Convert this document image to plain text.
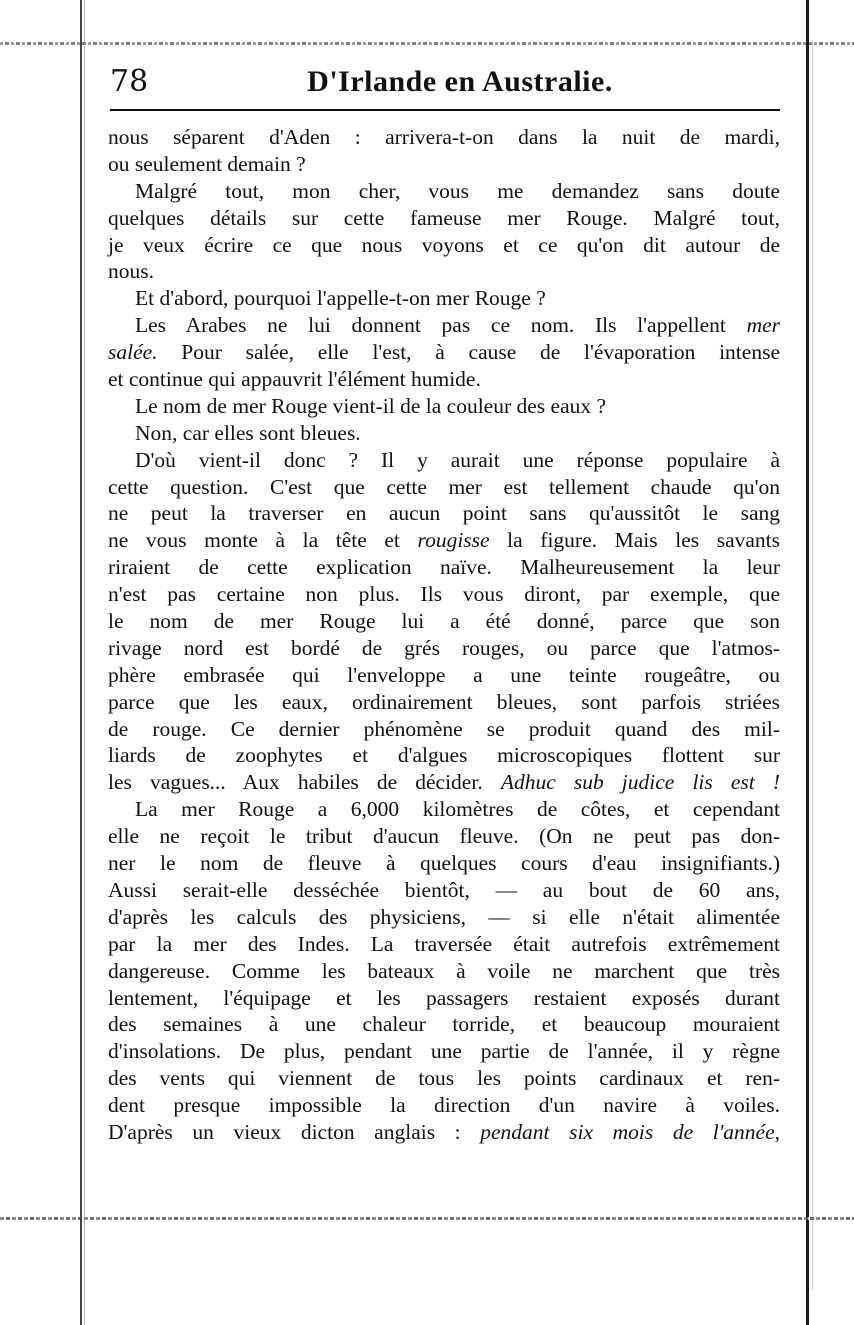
78	D'Irlande en Australie.
nous séparent d'Aden : arrivera-t-on dans la nuit de mardi,
ou seulement demain ?
Malgré tout, mon cher, vous me demandez sans doute
quelques détails sur cette fameuse mer Rouge. Malgré tout,
je veux écrire ce que nous voyons et ce qu'on dit autour de
nous.
Et d'abord, pourquoi l'appelle-t-on mer Rouge ?
Les Arabes ne lui donnent pas ce nom. Ils l'appellent mer
salée. Pour salée, elle l'est, à cause de l'évaporation intense
et continue qui appauvrit l'élément humide.
Le nom de mer Rouge vient-il de la couleur des eaux ?
Non, car elles sont bleues.
D'où vient-il donc ? Il y aurait une réponse populaire à
cette question. C'est que cette mer est tellement chaude qu'on
ne peut la traverser en aucun point sans qu'aussitôt le sang
ne vous monte à la tête et rougisse la figure. Mais les savants
riraient de cette explication naïve. Malheureusement la leur
n'est pas certaine non plus. Ils vous diront, par exemple, que
le nom de mer Rouge lui a été donné, parce que son
rivage nord est bordé de grés rouges, ou parce que l'atmos-
phère embrasée qui l'enveloppe a une teinte rougeâtre, ou
parce que les eaux, ordinairement bleues, sont parfois striées
de rouge. Ce dernier phénomène se produit quand des mil-
liards de zoophytes et d'algues microscopiques flottent sur
les vagues... Aux habiles de décider. Adhuc sub judice lis est !
La mer Rouge a 6,000 kilomètres de côtes, et cependant
elle ne reçoit le tribut d'aucun fleuve. (On ne peut pas don-
ner le nom de fleuve à quelques cours d'eau insignifiants.)
Aussi serait-elle desséchée bientôt, — au bout de 60 ans,
d'après les calculs des physiciens, — si elle n'était alimentée
par la mer des Indes. La traversée était autrefois extrêmement
dangereuse. Comme les bateaux à voile ne marchent que très
lentement, l'équipage et les passagers restaient exposés durant
des semaines à une chaleur torride, et beaucoup mouraient
d'insolations. De plus, pendant une partie de l'année, il y règne
des vents qui viennent de tous les points cardinaux et ren-
dent presque impossible la direction d'un navire à voiles.
D'après un vieux dicton anglais : pendant six mois de l'année,
